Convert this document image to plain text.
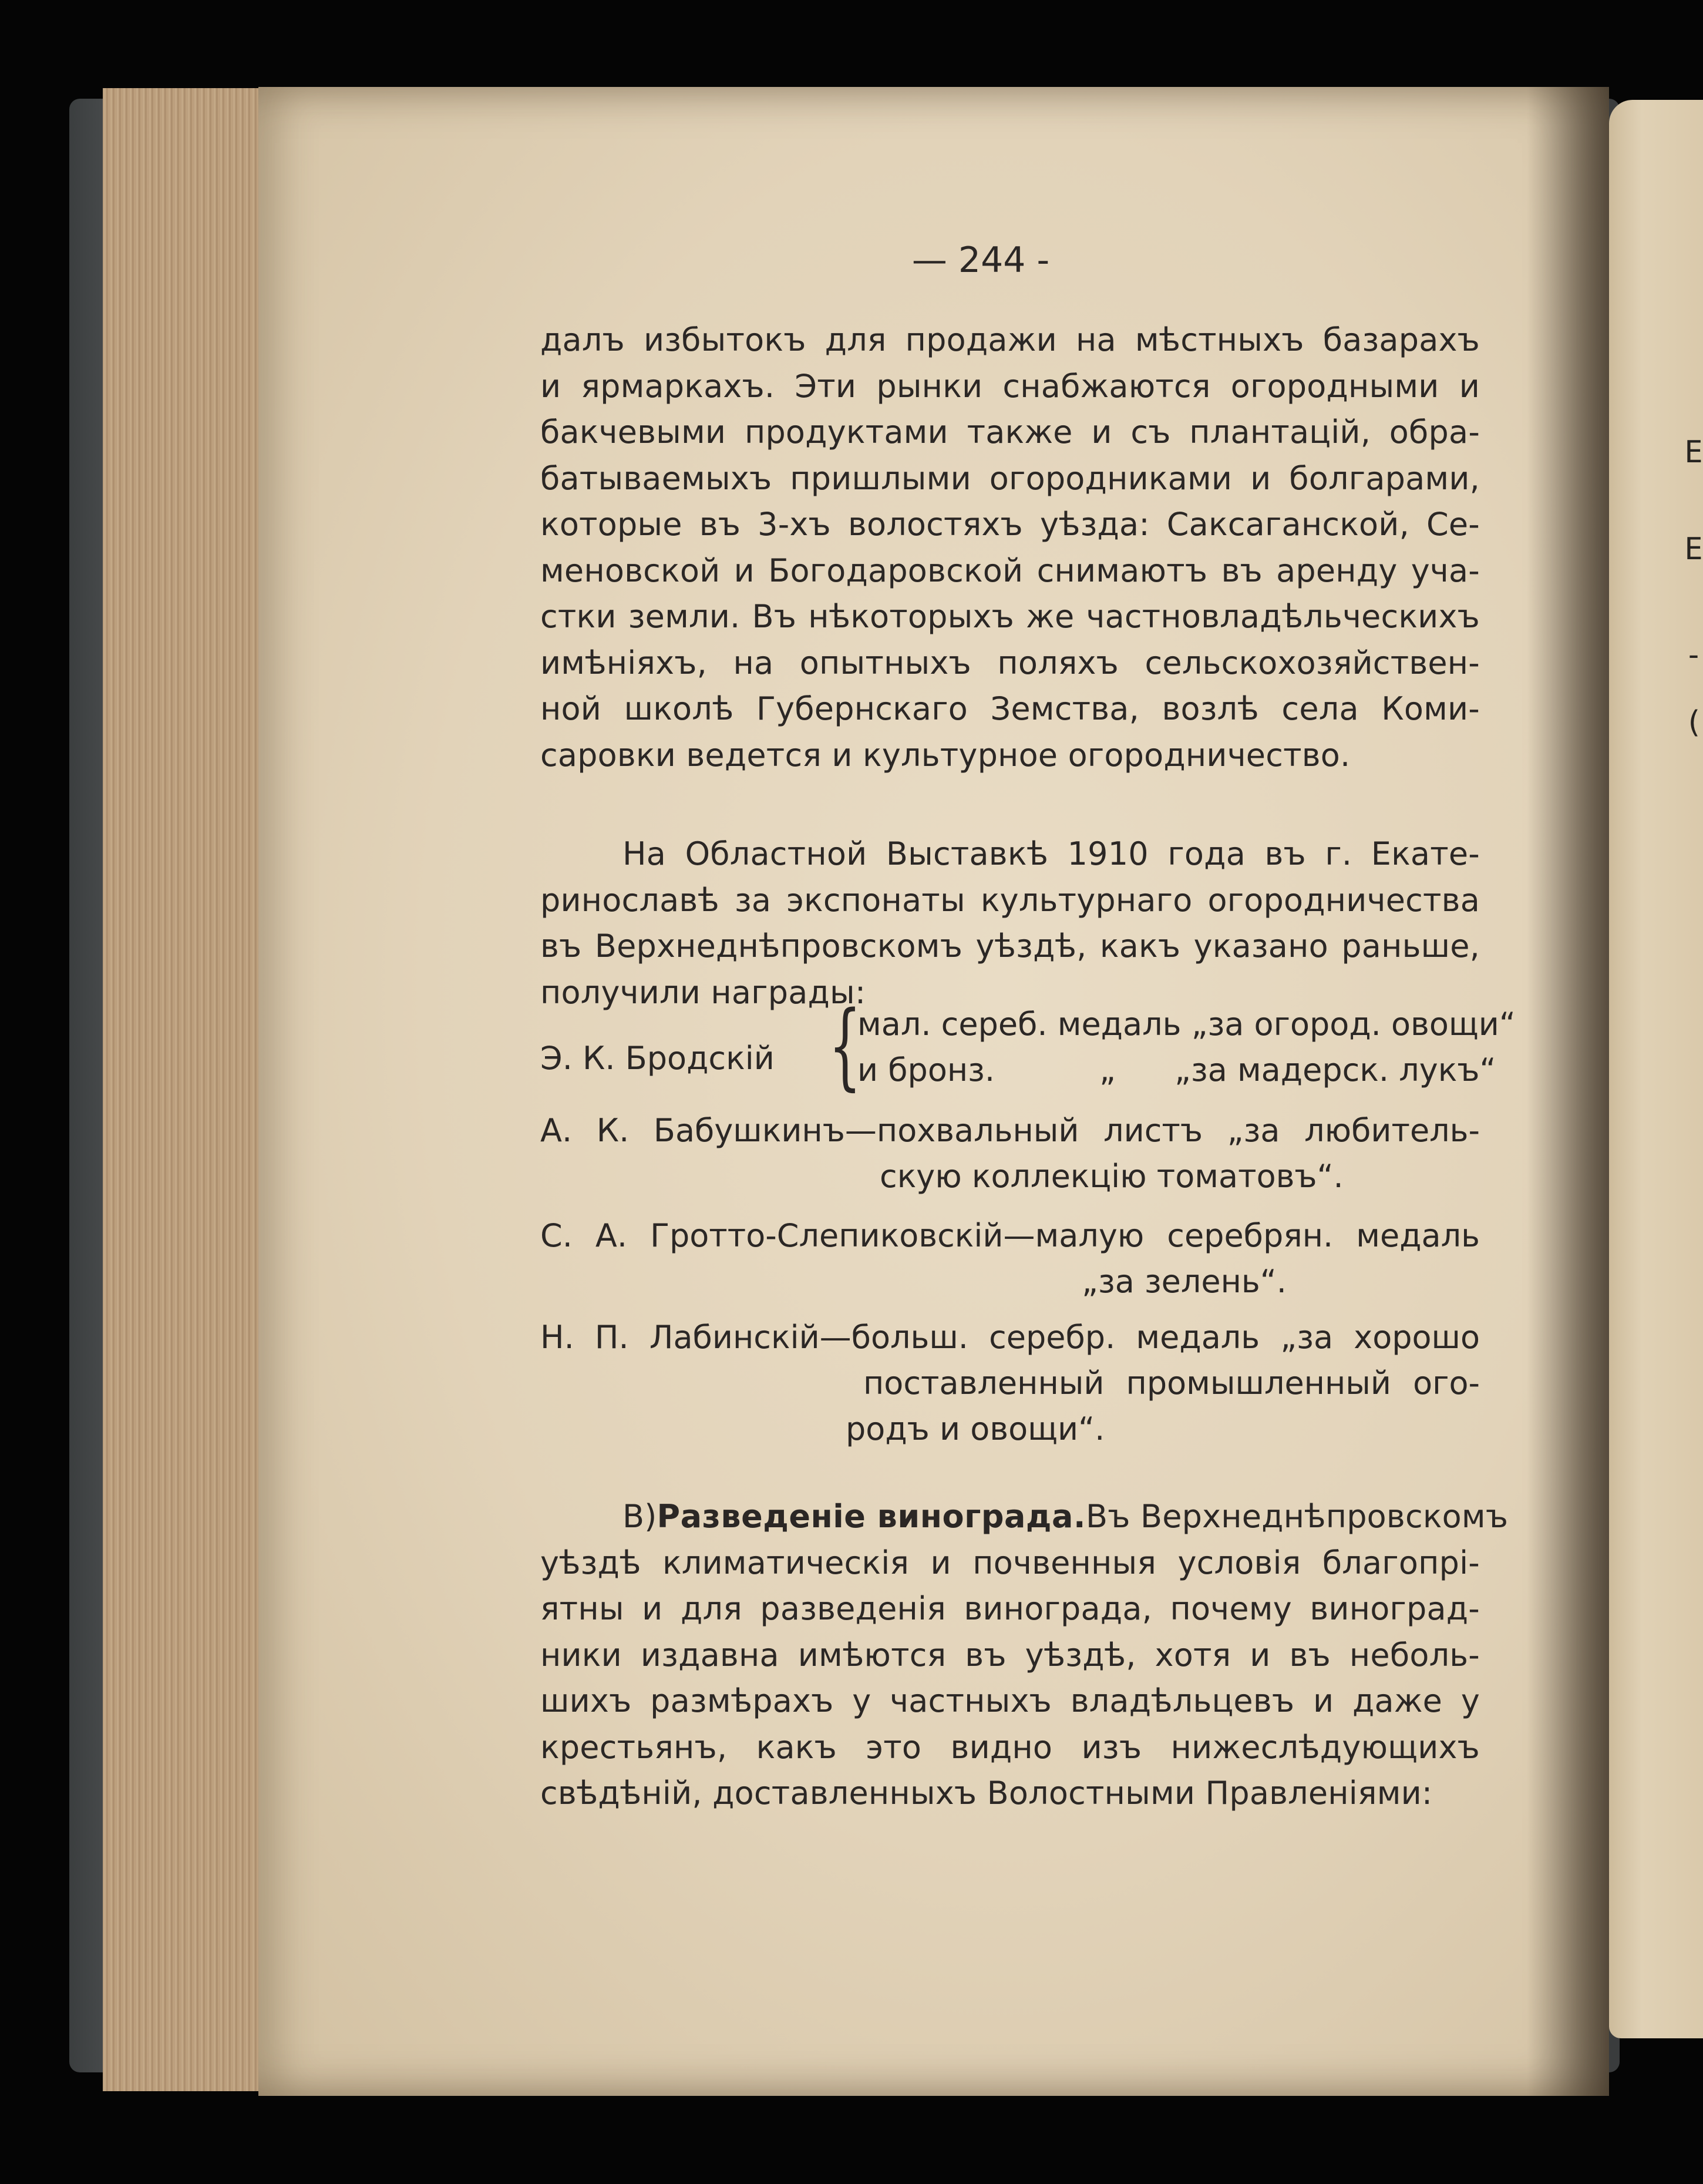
Е
Е
-
(
— 244 -
далъ избытокъ для продажи на мѣстныхъ базарахъ
и ярмаркахъ. Эти рынки снабжаются огородными и
бакчевыми продуктами также и съ плантацій, обра-
батываемыхъ пришлыми огородниками и болгарами,
которые въ 3-хъ волостяхъ уѣзда: Саксаганской, Се-
меновской и Богодаровской снимаютъ въ аренду уча-
стки земли. Въ нѣкоторыхъ же частновладѣльческихъ
имѣніяхъ, на опытныхъ поляхъ сельскохозяйствен-
ной школѣ Губернскаго Земства, возлѣ села Коми-
саровки ведется и культурное огородничество.
На Областной Выставкѣ 1910 года въ г. Екате-
ринославѣ за экспонаты культурнаго огородничества
въ Верхнеднѣпровскомъ уѣздѣ, какъ указано раньше,
получили награды:
Э. К. Бродскій {
мал. серeб. медаль „за огород. овощи“
и бронз.	„ „за мадерск. лукъ“
А. К. Бабушкинъ—похвальный листъ „за любитель-
скую коллекцію томатовъ“.
С. А. Гротто-Слепиковскій—малую серебрян. медаль
„за зелень“.
Н. П. Лабинскій—больш. серебр. медаль „за хорошо
поставленный промышленный ого-
родъ и овощи“.
В) Разведеніе винограда. Въ Верхнеднѣпровскомъ
уѣздѣ климатическія и почвенныя условія благопрі-
ятны и для разведенія винограда, почему виноград-
ники издавна имѣются въ уѣздѣ, хотя и въ неболь-
шихъ размѣрахъ у частныхъ владѣльцевъ и даже у
крестьянъ, какъ это видно изъ нижеслѣдующихъ
свѣдѣній, доставленныхъ Волостными Правленіями:
